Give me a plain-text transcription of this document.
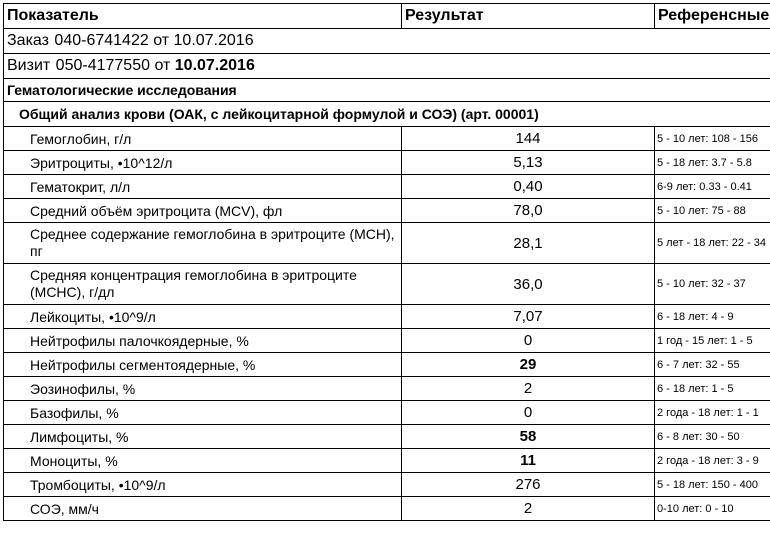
Показатель	Результат	Референсные
Заказ 040-6741422 от 10.07.2016		
Визит 050-4177550 от 10.07.2016		
Гематологические исследования		
Общий анализ крови (ОАК, с лейкоцитарной формулой и СОЭ) (арт. 00001)		
Гемоглобин, г/л	144	5 - 10 лет: 108 - 156
Эритроциты, •10^12/л	5,13	5 - 18 лет: 3.7 - 5.8
Гематокрит, л/л	0,40	6-9 лет: 0.33 - 0.41
Средний объём эритроцита (MCV), фл	78,0	5 - 10 лет: 75 - 88
Среднее содержание гемоглобина в эритроците (МСН), пг	28,1	5 лет - 18 лет: 22 - 34
Средняя концентрация гемоглобина в эритроците (МСНС), г/дл	36,0	5 - 10 лет: 32 - 37
Лейкоциты, •10^9/л	7,07	6 - 18 лет: 4 - 9
Нейтрофилы палочкоядерные, %	0	1 год - 15 лет: 1 - 5
Нейтрофилы сегментоядерные, %	29	6 - 7 лет: 32 - 55
Эозинофилы, %	2	6 - 18 лет: 1 - 5
Базофилы, %	0	2 года - 18 лет: 1 - 1
Лимфоциты, %	58	6 - 8 лет: 30 - 50
Моноциты, %	11	2 года - 18 лет: 3 - 9
Тромбоциты, •10^9/л	276	5 - 18 лет: 150 - 400
СОЭ, мм/ч	2	0-10 лет: 0 - 10
